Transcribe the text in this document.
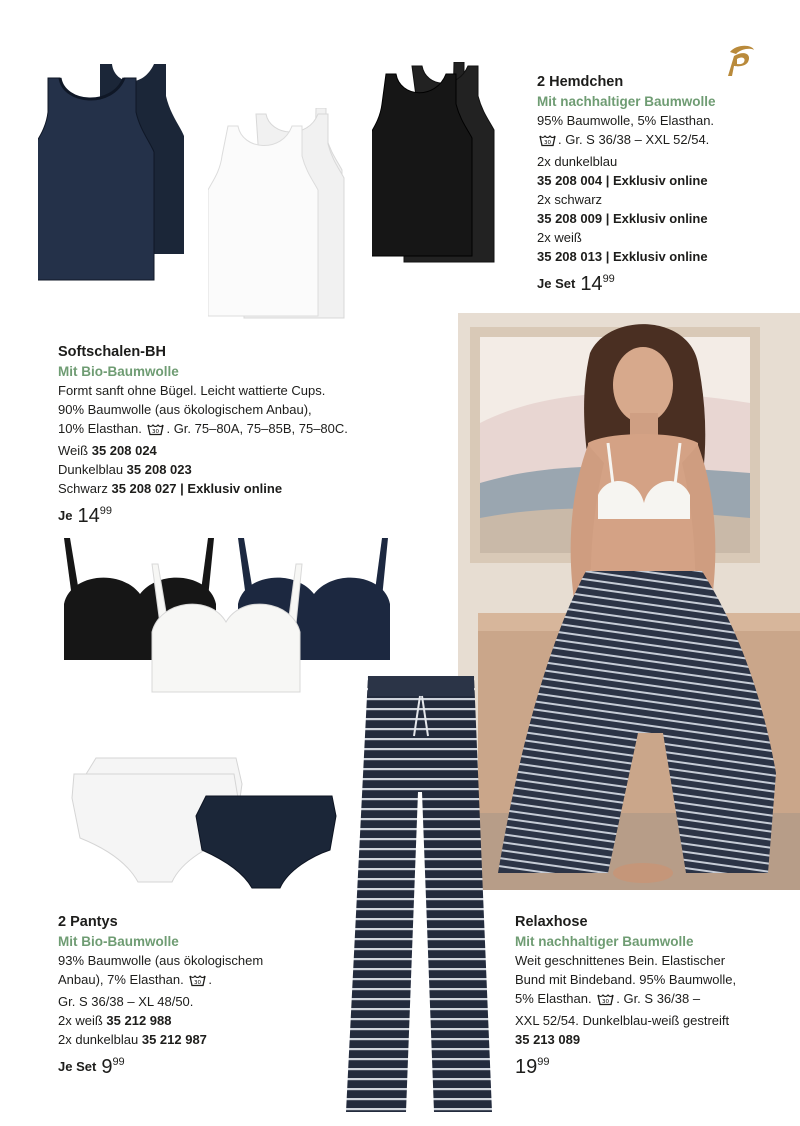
2 Hemdchen
Mit nachhaltiger Baumwolle
95% Baumwolle, 5% Elasthan.
30 . Gr. S 36/38 – XXL 52/54.
2x dunkelblau
35 208 004 | Exklusiv online
2x schwarz
35 208 009 | Exklusiv online
2x weiß
35 208 013 | Exklusiv online
Je Set 14 99
Softschalen-BH
Mit Bio-Baumwolle
Formt sanft ohne Bügel. Leicht wattierte Cups.
90% Baumwolle (aus ökologischem Anbau),
10% Elasthan. 30 . Gr. 75–80A, 75–85B, 75–80C.
Weiß 35 208 024
Dunkelblau 35 208 023
Schwarz 35 208 027 | Exklusiv online
Je 14 99
2 Pantys
Mit Bio-Baumwolle
93% Baumwolle (aus ökologischem
Anbau), 7% Elasthan. 30 .
Gr. S 36/38 – XL 48/50.
2x weiß 35 212 988
2x dunkelblau 35 212 987
Je Set 9 99
Relaxhose
Mit nachhaltiger Baumwolle
Weit geschnittenes Bein. Elastischer
Bund mit Bindeband. 95% Baumwolle,
5% Elasthan. 30 . Gr. S 36/38 –
XXL 52/54. Dunkelblau-weiß gestreift
35 213 089
19 99
